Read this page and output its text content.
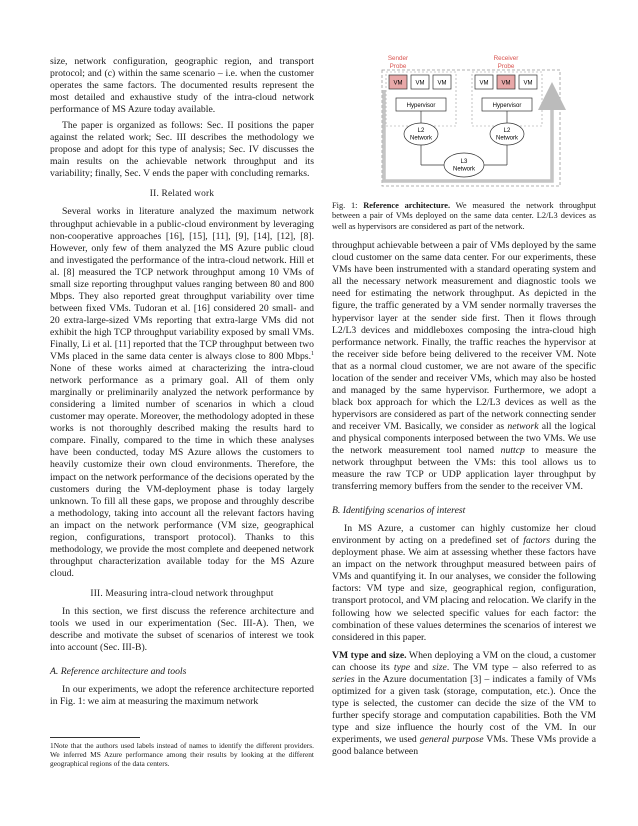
size, network configuration, geographic region, and transport protocol; and (c) within the same scenario – i.e. when the customer operates the same factors. The documented results represent the most detailed and exhaustive study of the intra-cloud network performance of MS Azure today available.

The paper is organized as follows: Sec. II positions the paper against the related work; Sec. III describes the methodology we propose and adopt for this type of analysis; Sec. IV discusses the main results on the achievable network throughput and its variability; finally, Sec. V ends the paper with concluding remarks.

II. Related work

Several works in literature analyzed the maximum network throughput achievable in a public-cloud environment by leveraging non-cooperative approaches [16], [15], [11], [9], [14], [12], [8]. However, only few of them analyzed the MS Azure public cloud and investigated the performance of the intra-cloud network. Hill et al. [8] measured the TCP network throughput among 10 VMs of small size reporting throughput values ranging between 80 and 800 Mbps. They also reported great throughput variability over time between fixed VMs. Tudoran et al. [16] considered 20 small- and 20 extra-large-sized VMs reporting that extra-large VMs did not exhibit the high TCP throughput variability exposed by small VMs. Finally, Li et al. [11] reported that the TCP throughput between two VMs placed in the same data center is always close to 800 Mbps.$^1$ None of these works aimed at characterizing the intra-cloud network performance as a primary goal. All of them only marginally or preliminarily analyzed the network performance by considering a limited number of scenarios in which a cloud customer may operate. Moreover, the methodology adopted in these works is not thoroughly described making the results hard to compare. Finally, compared to the time in which these analyses have been conducted, today MS Azure allows the customers to heavily customize their own cloud environments. Therefore, the impact on the network performance of the decisions operated by the customers during the VM-deployment phase is today largely unknown. To fill all these gaps, we propose and throughly describe a methodology, taking into account all the relevant factors having an impact on the network performance (VM size, geographical region, configurations, transport protocol). Thanks to this methodology, we provide the most complete and deepened network throughput characterization available today for the MS Azure cloud.

III. Measuring intra-cloud network throughput

In this section, we first discuss the reference architecture and tools we used in our experimentation (Sec. III-A). Then, we describe and motivate the subset of scenarios of interest we took into account (Sec. III-B).

A. Reference architecture and tools

In our experiments, we adopt the reference architecture reported in Fig. 1: we aim at measuring the maximum network

1Note that the authors used labels instead of names to identify the different providers. We inferred MS Azure performance among their results by looking at the different geographical regions of the data centers.

Sender
Probe
Receiver
Probe
VM VM VM	VM VM VM
Hypervisor	Hypervisor
L2
Network
L2
Network
L3
Network

Fig. 1: Reference architecture. We measured the network throughput between a pair of VMs deployed on the same data center. L2/L3 devices as well as hypervisors are considered as part of the network.

throughput achievable between a pair of VMs deployed by the same cloud customer on the same data center. For our experiments, these VMs have been instrumented with a standard operating system and all the necessary network measurement and diagnostic tools we need for estimating the network throughput. As depicted in the figure, the traffic generated by a VM sender normally traverses the hypervisor layer at the sender side first. Then it flows through L2/L3 devices and middleboxes composing the intra-cloud high performance network. Finally, the traffic reaches the hypervisor at the receiver side before being delivered to the receiver VM. Note that as a normal cloud customer, we are not aware of the specific location of the sender and receiver VMs, which may also be hosted and managed by the same hypervisor. Furthermore, we adopt a black box approach for which the L2/L3 devices as well as the hypervisors are considered as part of the network connecting sender and receiver VM. Basically, we consider as network all the logical and physical components interposed between the two VMs. We use the network measurement tool named nuttcp to measure the network throughput between the VMs: this tool allows us to measure the raw TCP or UDP application layer throughput by transferring memory buffers from the sender to the receiver VM.

B. Identifying scenarios of interest

In MS Azure, a customer can highly customize her cloud environment by acting on a predefined set of factors during the deployment phase. We aim at assessing whether these factors have an impact on the network throughput measured between pairs of VMs and quantifying it. In our analyses, we consider the following factors: VM type and size, geographical region, configuration, transport protocol, and VM placing and relocation. We clarify in the following how we selected specific values for each factor: the combination of these values determines the scenarios of interest we considered in this paper.

VM type and size. When deploying a VM on the cloud, a customer can choose its type and size. The VM type – also referred to as series in the Azure documentation [3] – indicates a family of VMs optimized for a given task (storage, computation, etc.). Once the type is selected, the customer can decide the size of the VM to further specify storage and computation capabilities. Both the VM type and size influence the hourly cost of the VM. In our experiments, we used general purpose VMs. These VMs provide a good balance between
